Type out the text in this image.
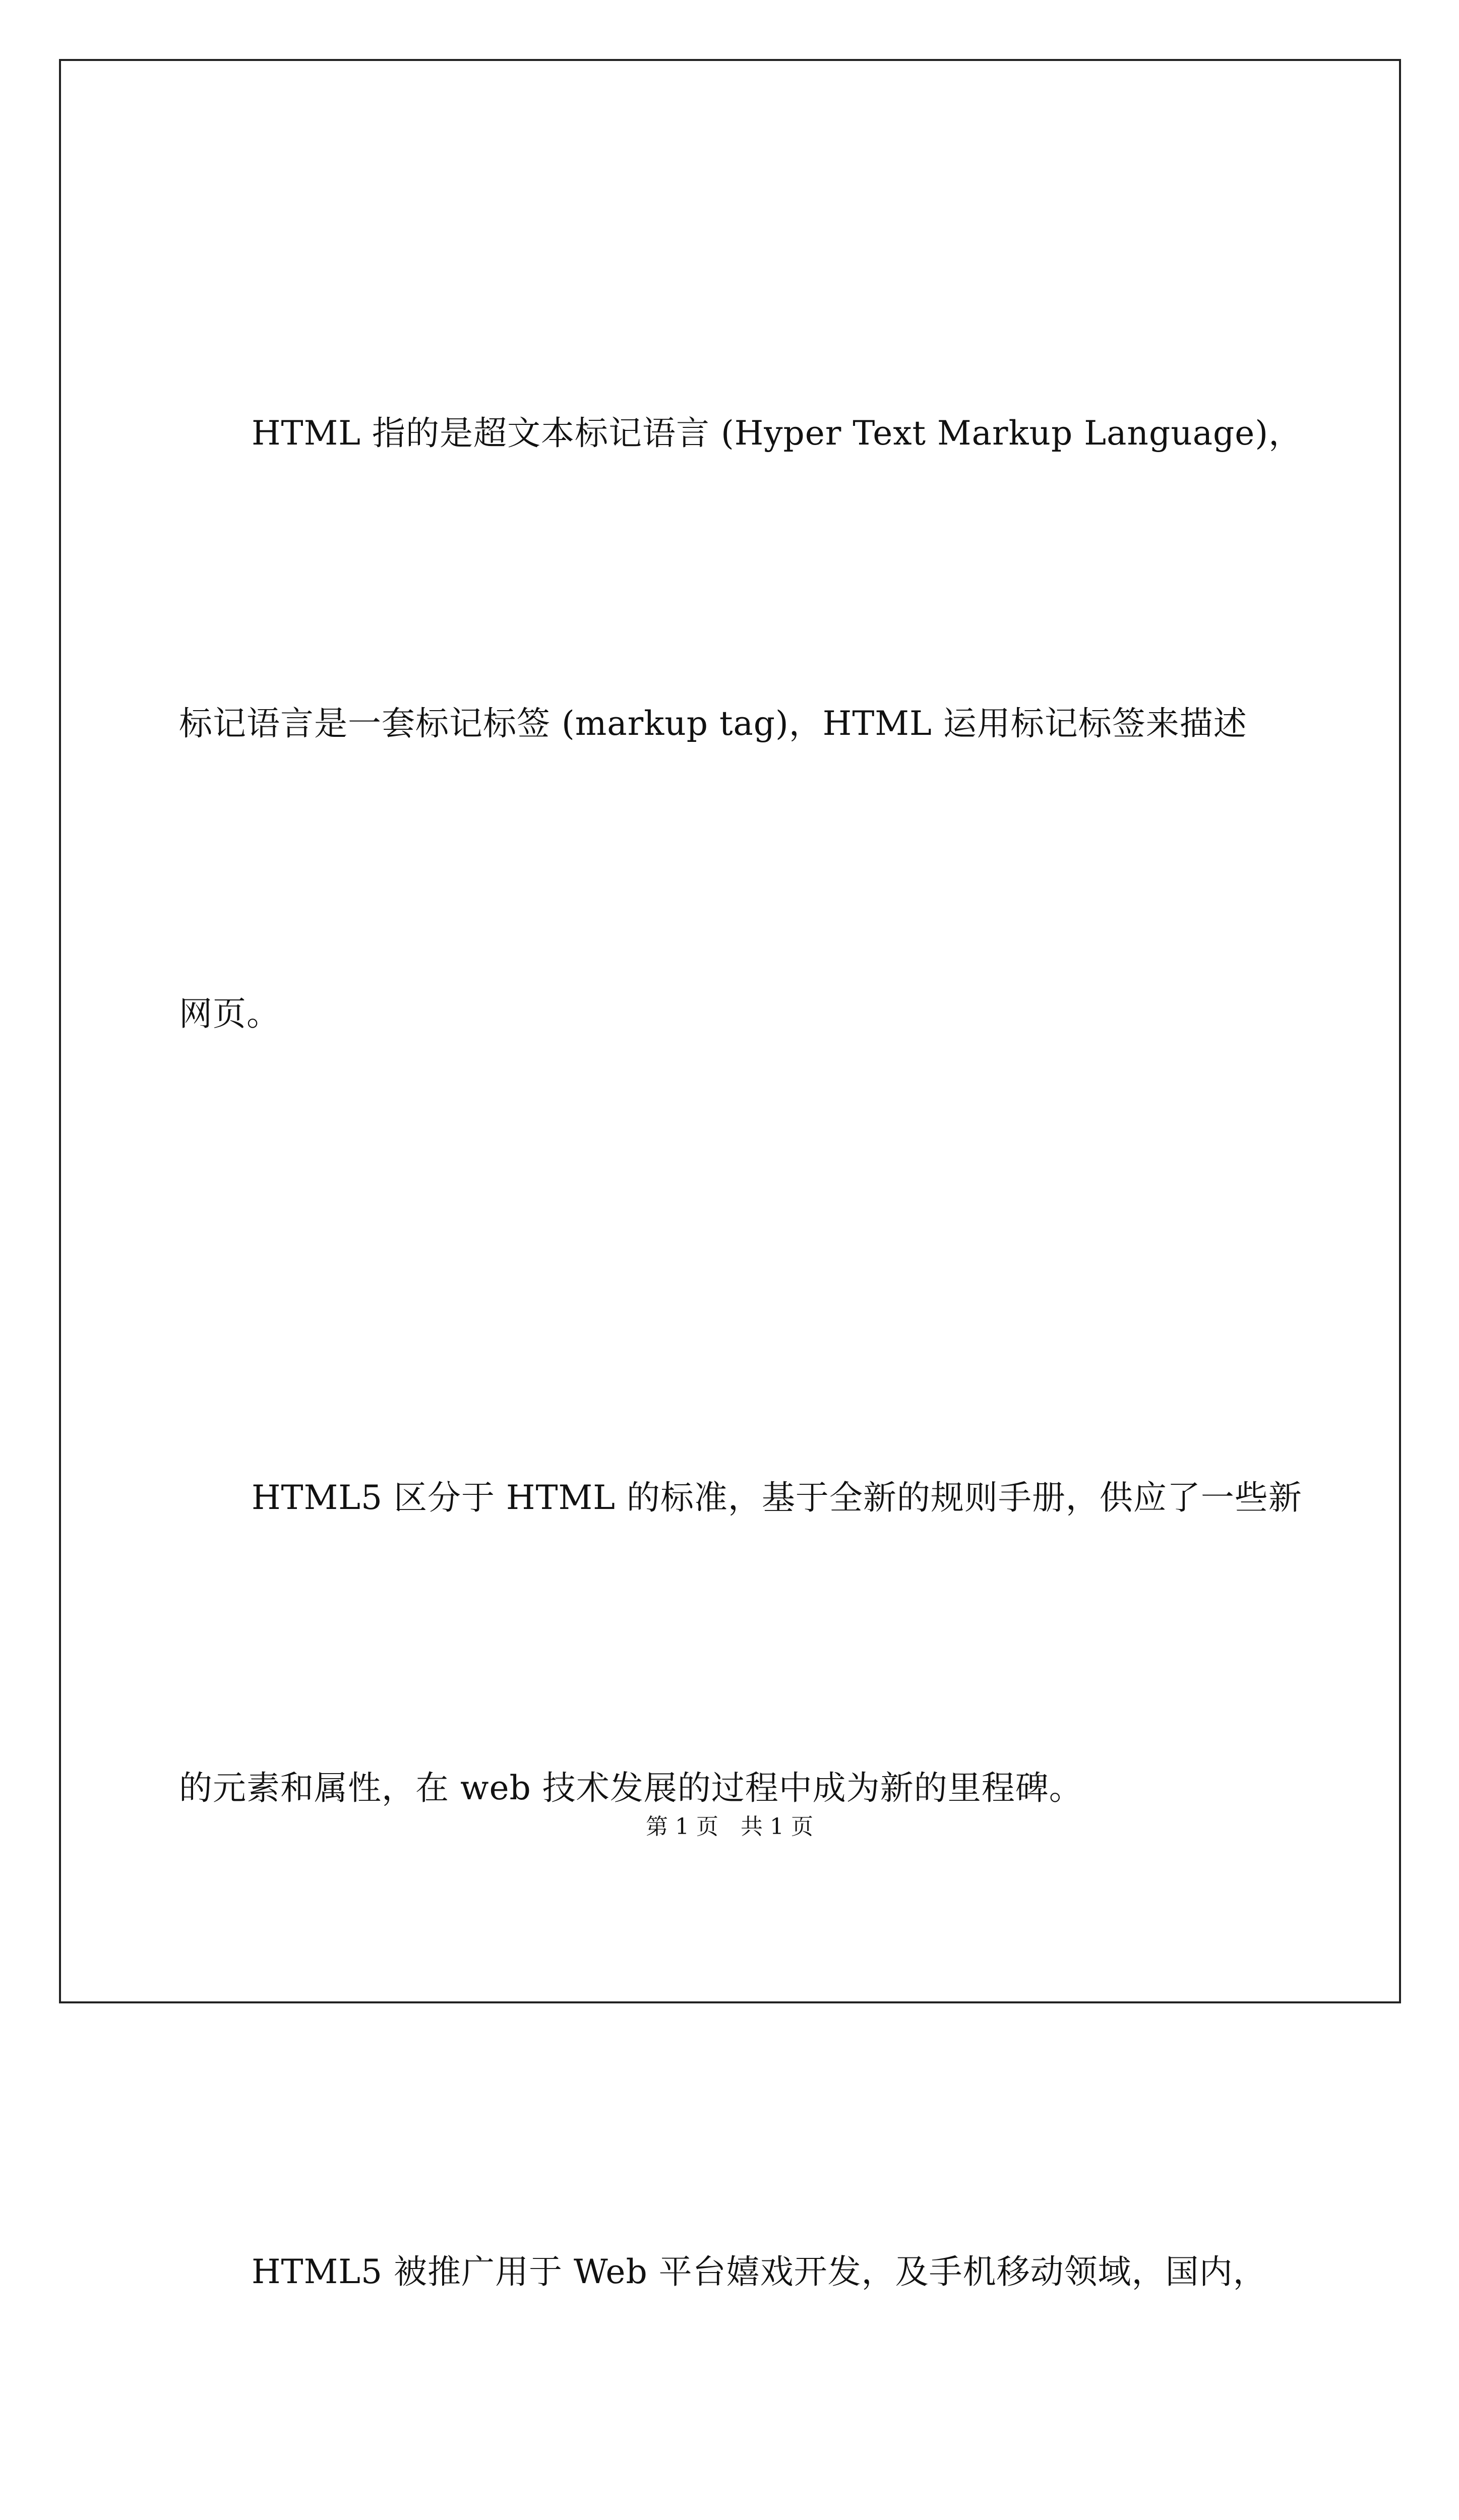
HTML 指的是超文本标记语言 (Hyper Text Markup Language)，

标记语言是一套标记标签 (markup tag)，HTML 运用标记标签来描述

网页。

HTML5 区分于 HTML 的标准，基于全新的规则手册，供应了一些新

的元素和属性，在 web 技术发展的过程中成为新的里程碑。

HTML5 被推广用于 Web 平台嬉戏开发，及手机移动领域，国内，

第 1 页　共 1 页
